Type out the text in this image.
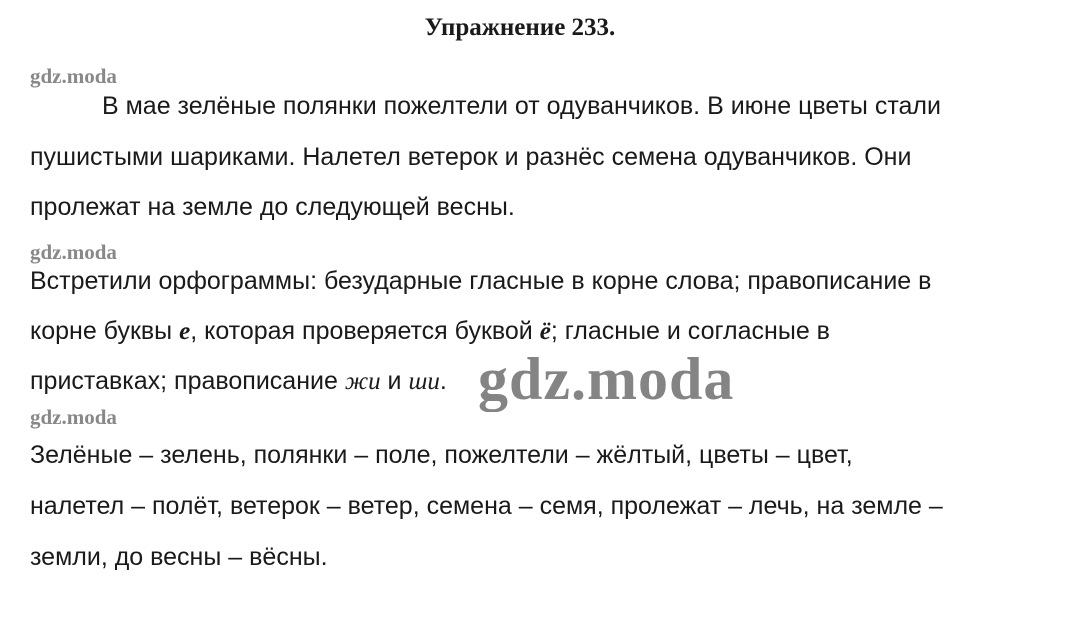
Упражнение 233.
gdz.moda
В мае зелёные полянки пожелтели от одуванчиков. В июне цветы стали
пушистыми шариками. Налетел ветерок и разнёс семена одуванчиков. Они
пролежат на земле до следующей весны.
gdz.moda
Встретили орфограммы: безударные гласные в корне слова; правописание в
корне буквы е, которая проверяется буквой ё; гласные и согласные в
приставках; правописание жи и ши. gdz.moda
gdz.moda
Зелёные – зелень, полянки – поле, пожелтели – жёлтый, цветы – цвет,
налетел – полёт, ветерок – ветер, семена – семя, пролежат – лечь, на земле –
земли, до весны – вёсны.
